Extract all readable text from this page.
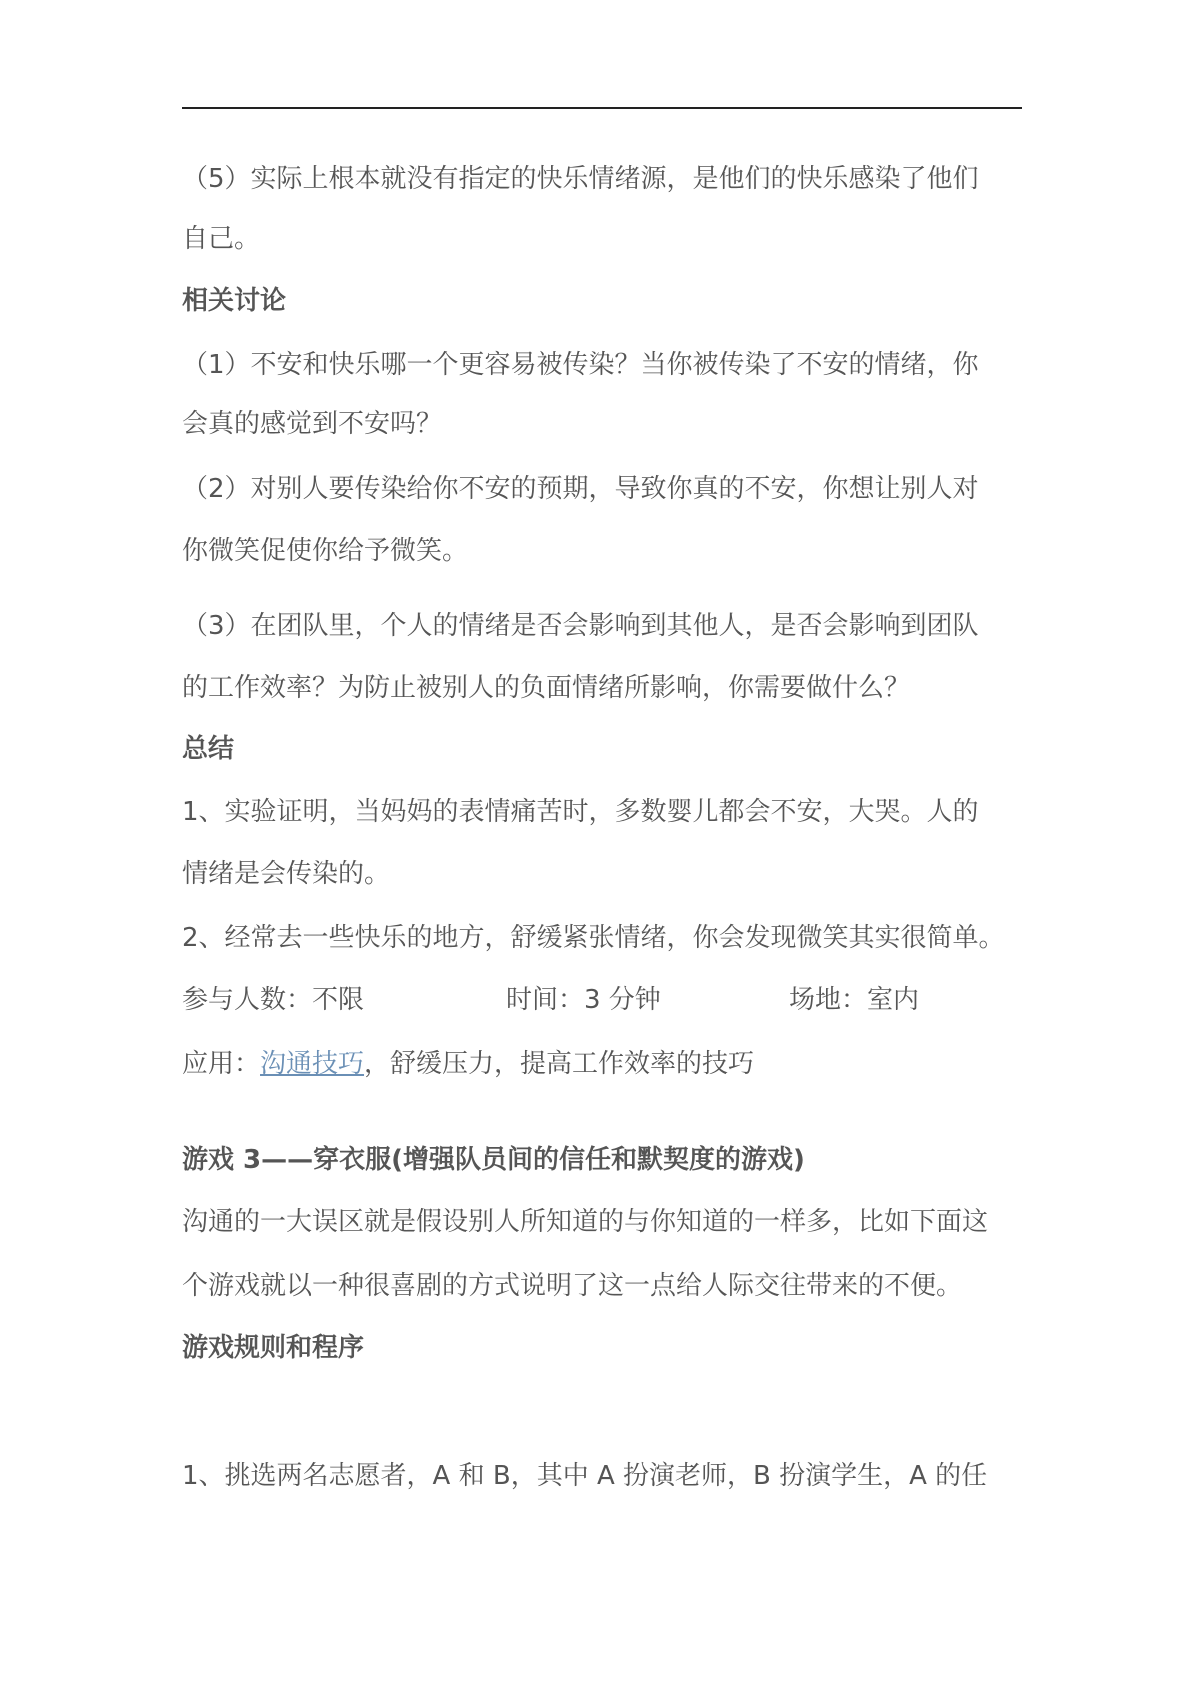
（5）实际上根本就没有指定的快乐情绪源，是他们的快乐感染了他们
自己。
相关讨论
（1）不安和快乐哪一个更容易被传染？当你被传染了不安的情绪，你
会真的感觉到不安吗？
（2）对别人要传染给你不安的预期，导致你真的不安，你想让别人对
你微笑促使你给予微笑。
（3）在团队里，个人的情绪是否会影响到其他人，是否会影响到团队
的工作效率？为防止被别人的负面情绪所影响，你需要做什么？
总结
1、实验证明，当妈妈的表情痛苦时，多数婴儿都会不安，大哭。人的
情绪是会传染的。
2、经常去一些快乐的地方，舒缓紧张情绪，你会发现微笑其实很简单。
参与人数：不限	时间：3 分钟	场地：室内
应用：沟通技巧，舒缓压力，提高工作效率的技巧
游戏 3——穿衣服(增强队员间的信任和默契度的游戏)
沟通的一大误区就是假设别人所知道的与你知道的一样多，比如下面这
个游戏就以一种很喜剧的方式说明了这一点给人际交往带来的不便。
游戏规则和程序
1、挑选两名志愿者，A 和 B，其中 A 扮演老师，B 扮演学生，A 的任
